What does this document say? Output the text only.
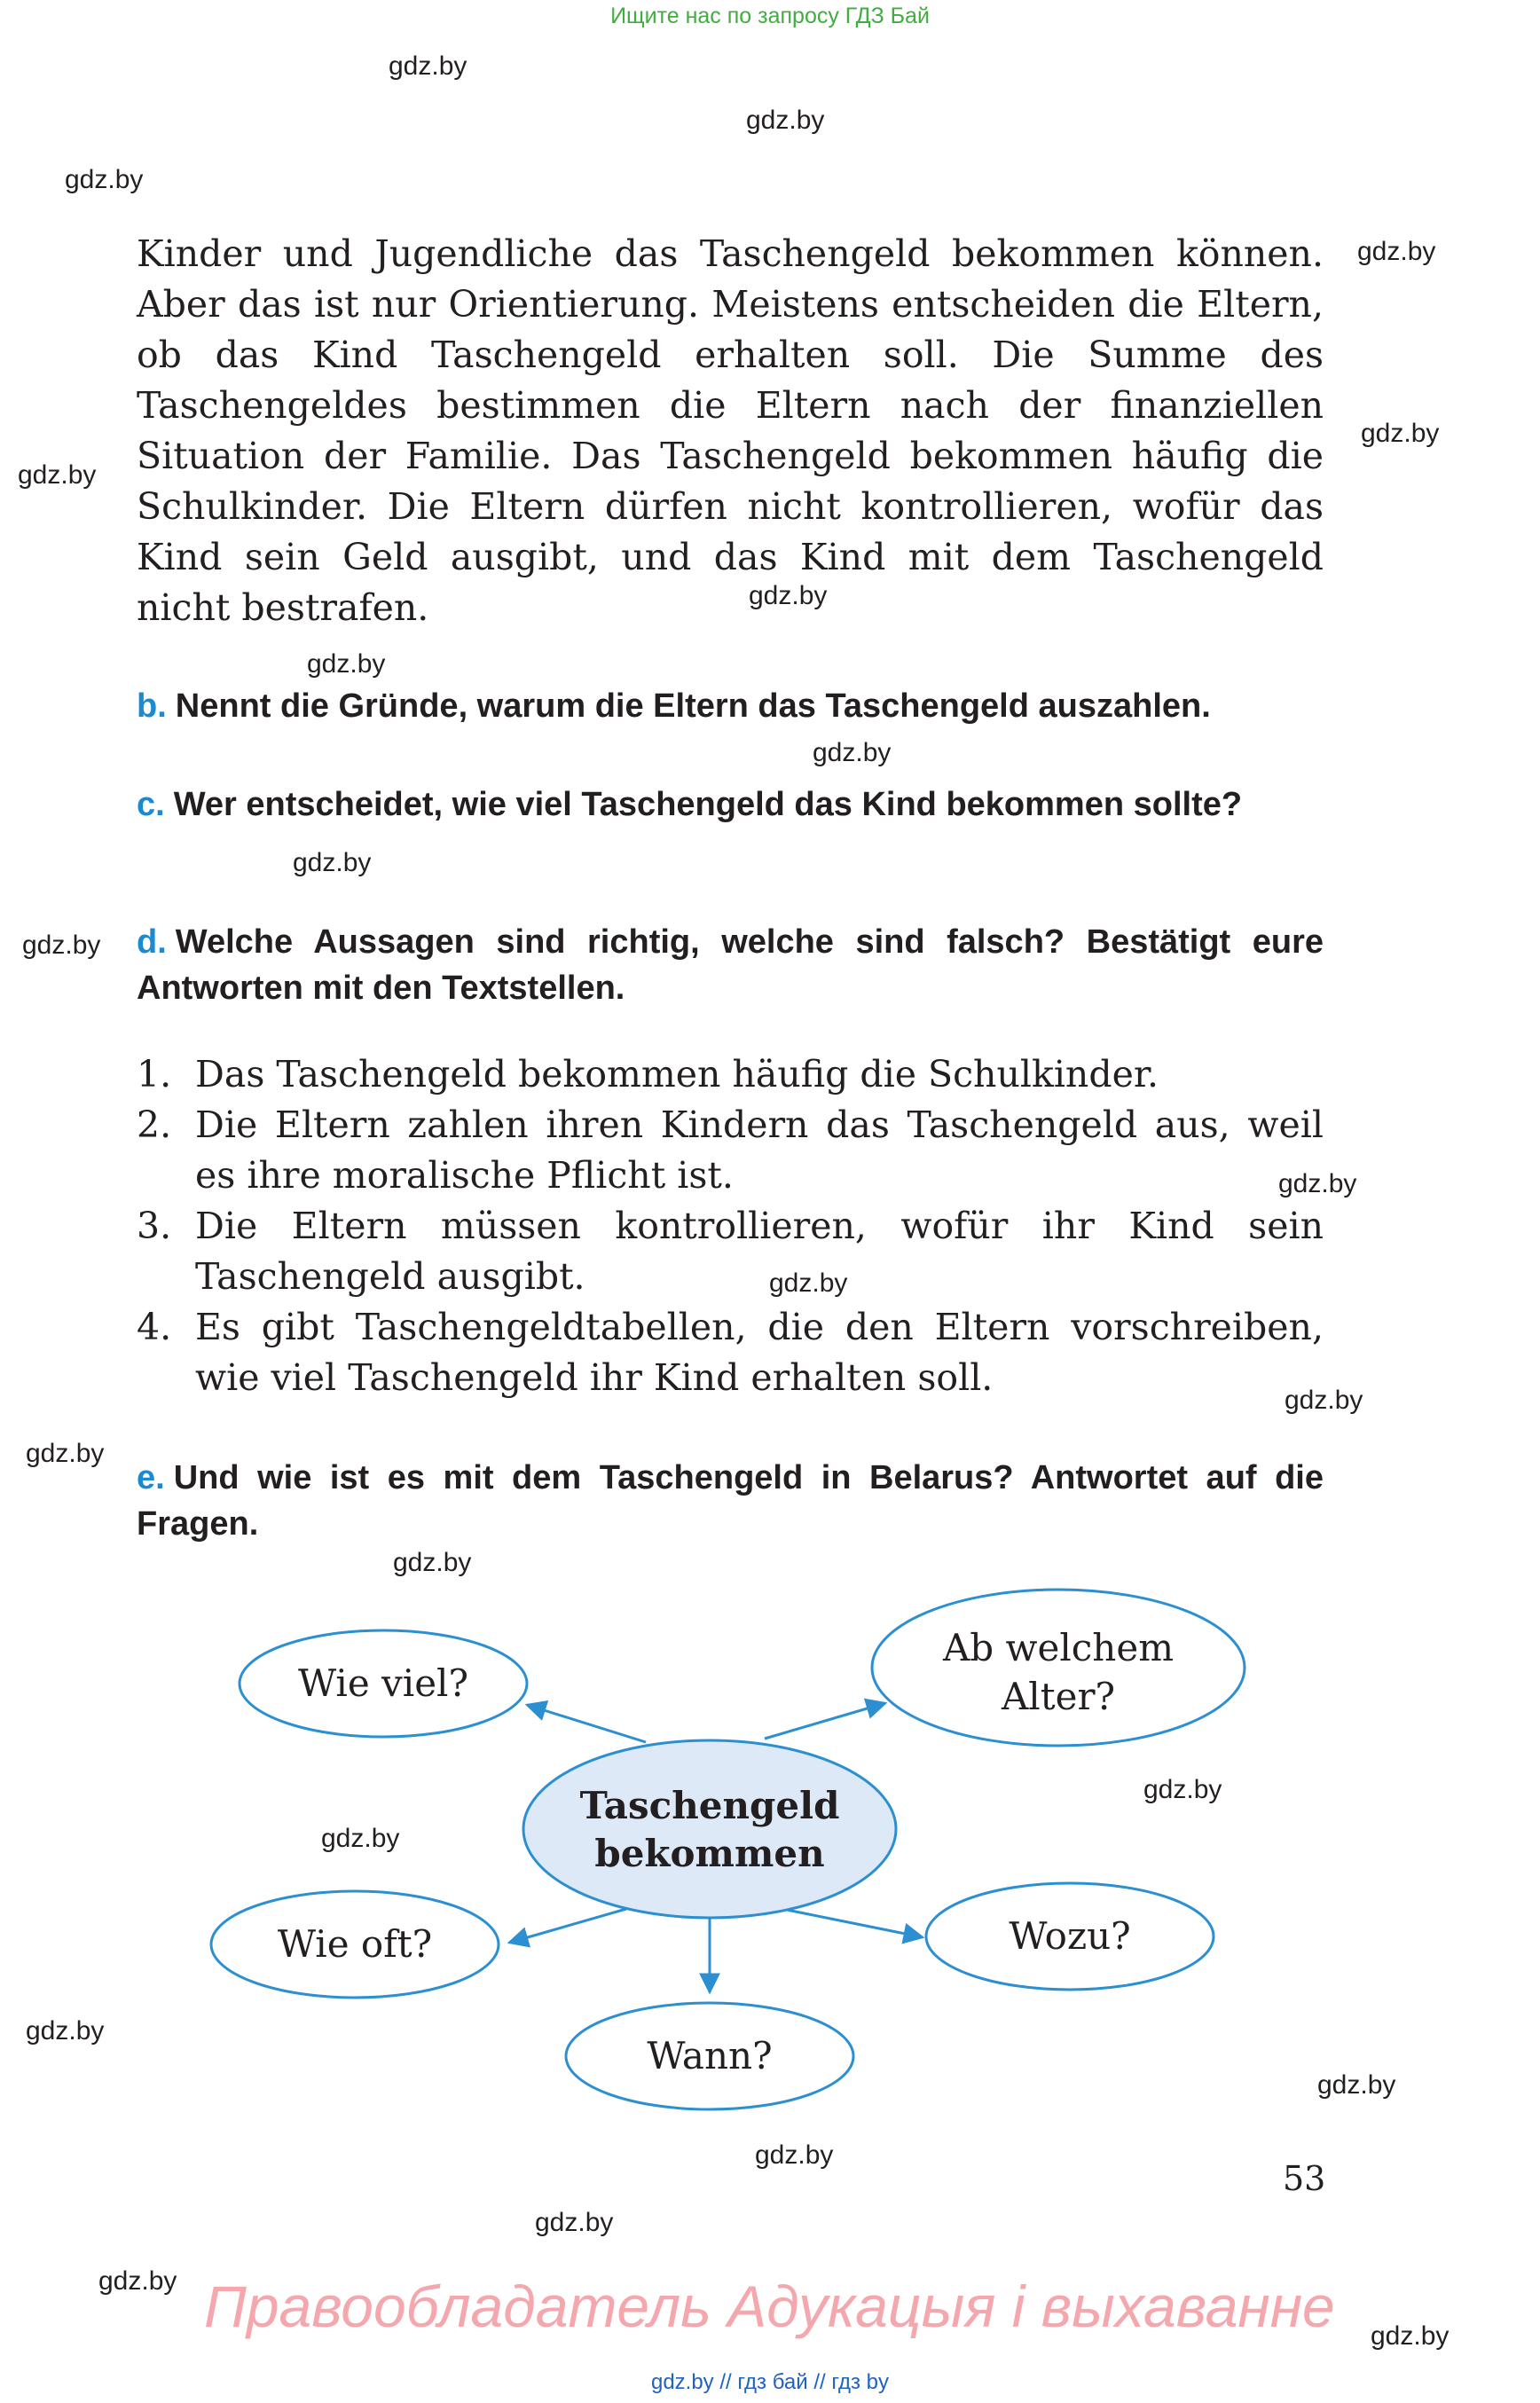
Ищите нас по запросу ГДЗ Бай
gdz.by
gdz.by
gdz.by
gdz.by
gdz.by
gdz.by
gdz.by
gdz.by
gdz.by
gdz.by
gdz.by
gdz.by
gdz.by
gdz.by
gdz.by
gdz.by
gdz.by
gdz.by
gdz.by
gdz.by
gdz.by
gdz.by
gdz.by
gdz.by

Kinder und Jugendliche das Taschengeld bekommen können. Aber das ist nur Orientierung. Meistens entscheiden die Eltern, ob das Kind Taschengeld erhalten soll. Die Summe des Taschengeldes bestimmen die Eltern nach der finanziellen Situation der Familie. Das Taschengeld bekommen häufig die Schulkinder. Die Eltern dürfen nicht kontrollieren, wofür das Kind sein Geld ausgibt, und das Kind mit dem Taschengeld nicht bestrafen.

b. Nennt die Gründe, warum die Eltern das Taschengeld auszahlen.
c. Wer entscheidet, wie viel Taschengeld das Kind bekommen sollte?
d. Welche Aussagen sind richtig, welche sind falsch? Bestätigt eure Antworten mit den Textstellen.
1. Das Taschengeld bekommen häufig die Schulkinder.
2. Die Eltern zahlen ihren Kindern das Taschengeld aus, weil es ihre moralische Pflicht ist.
3. Die Eltern müssen kontrollieren, wofür ihr Kind sein Taschengeld ausgibt.
4. Es gibt Taschengeldtabellen, die den Eltern vorschreiben, wie viel Taschengeld ihr Kind erhalten soll.
e. Und wie ist es mit dem Taschengeld in Belarus? Antwortet auf die Fragen.
Wie viel?
Ab welchem
Alter?
Taschengeld
bekommen
Wie oft?	Wozu?
Wann?
53
Правообладатель Адукацыя і выхаванне
gdz.by // гдз бай // гдз by
